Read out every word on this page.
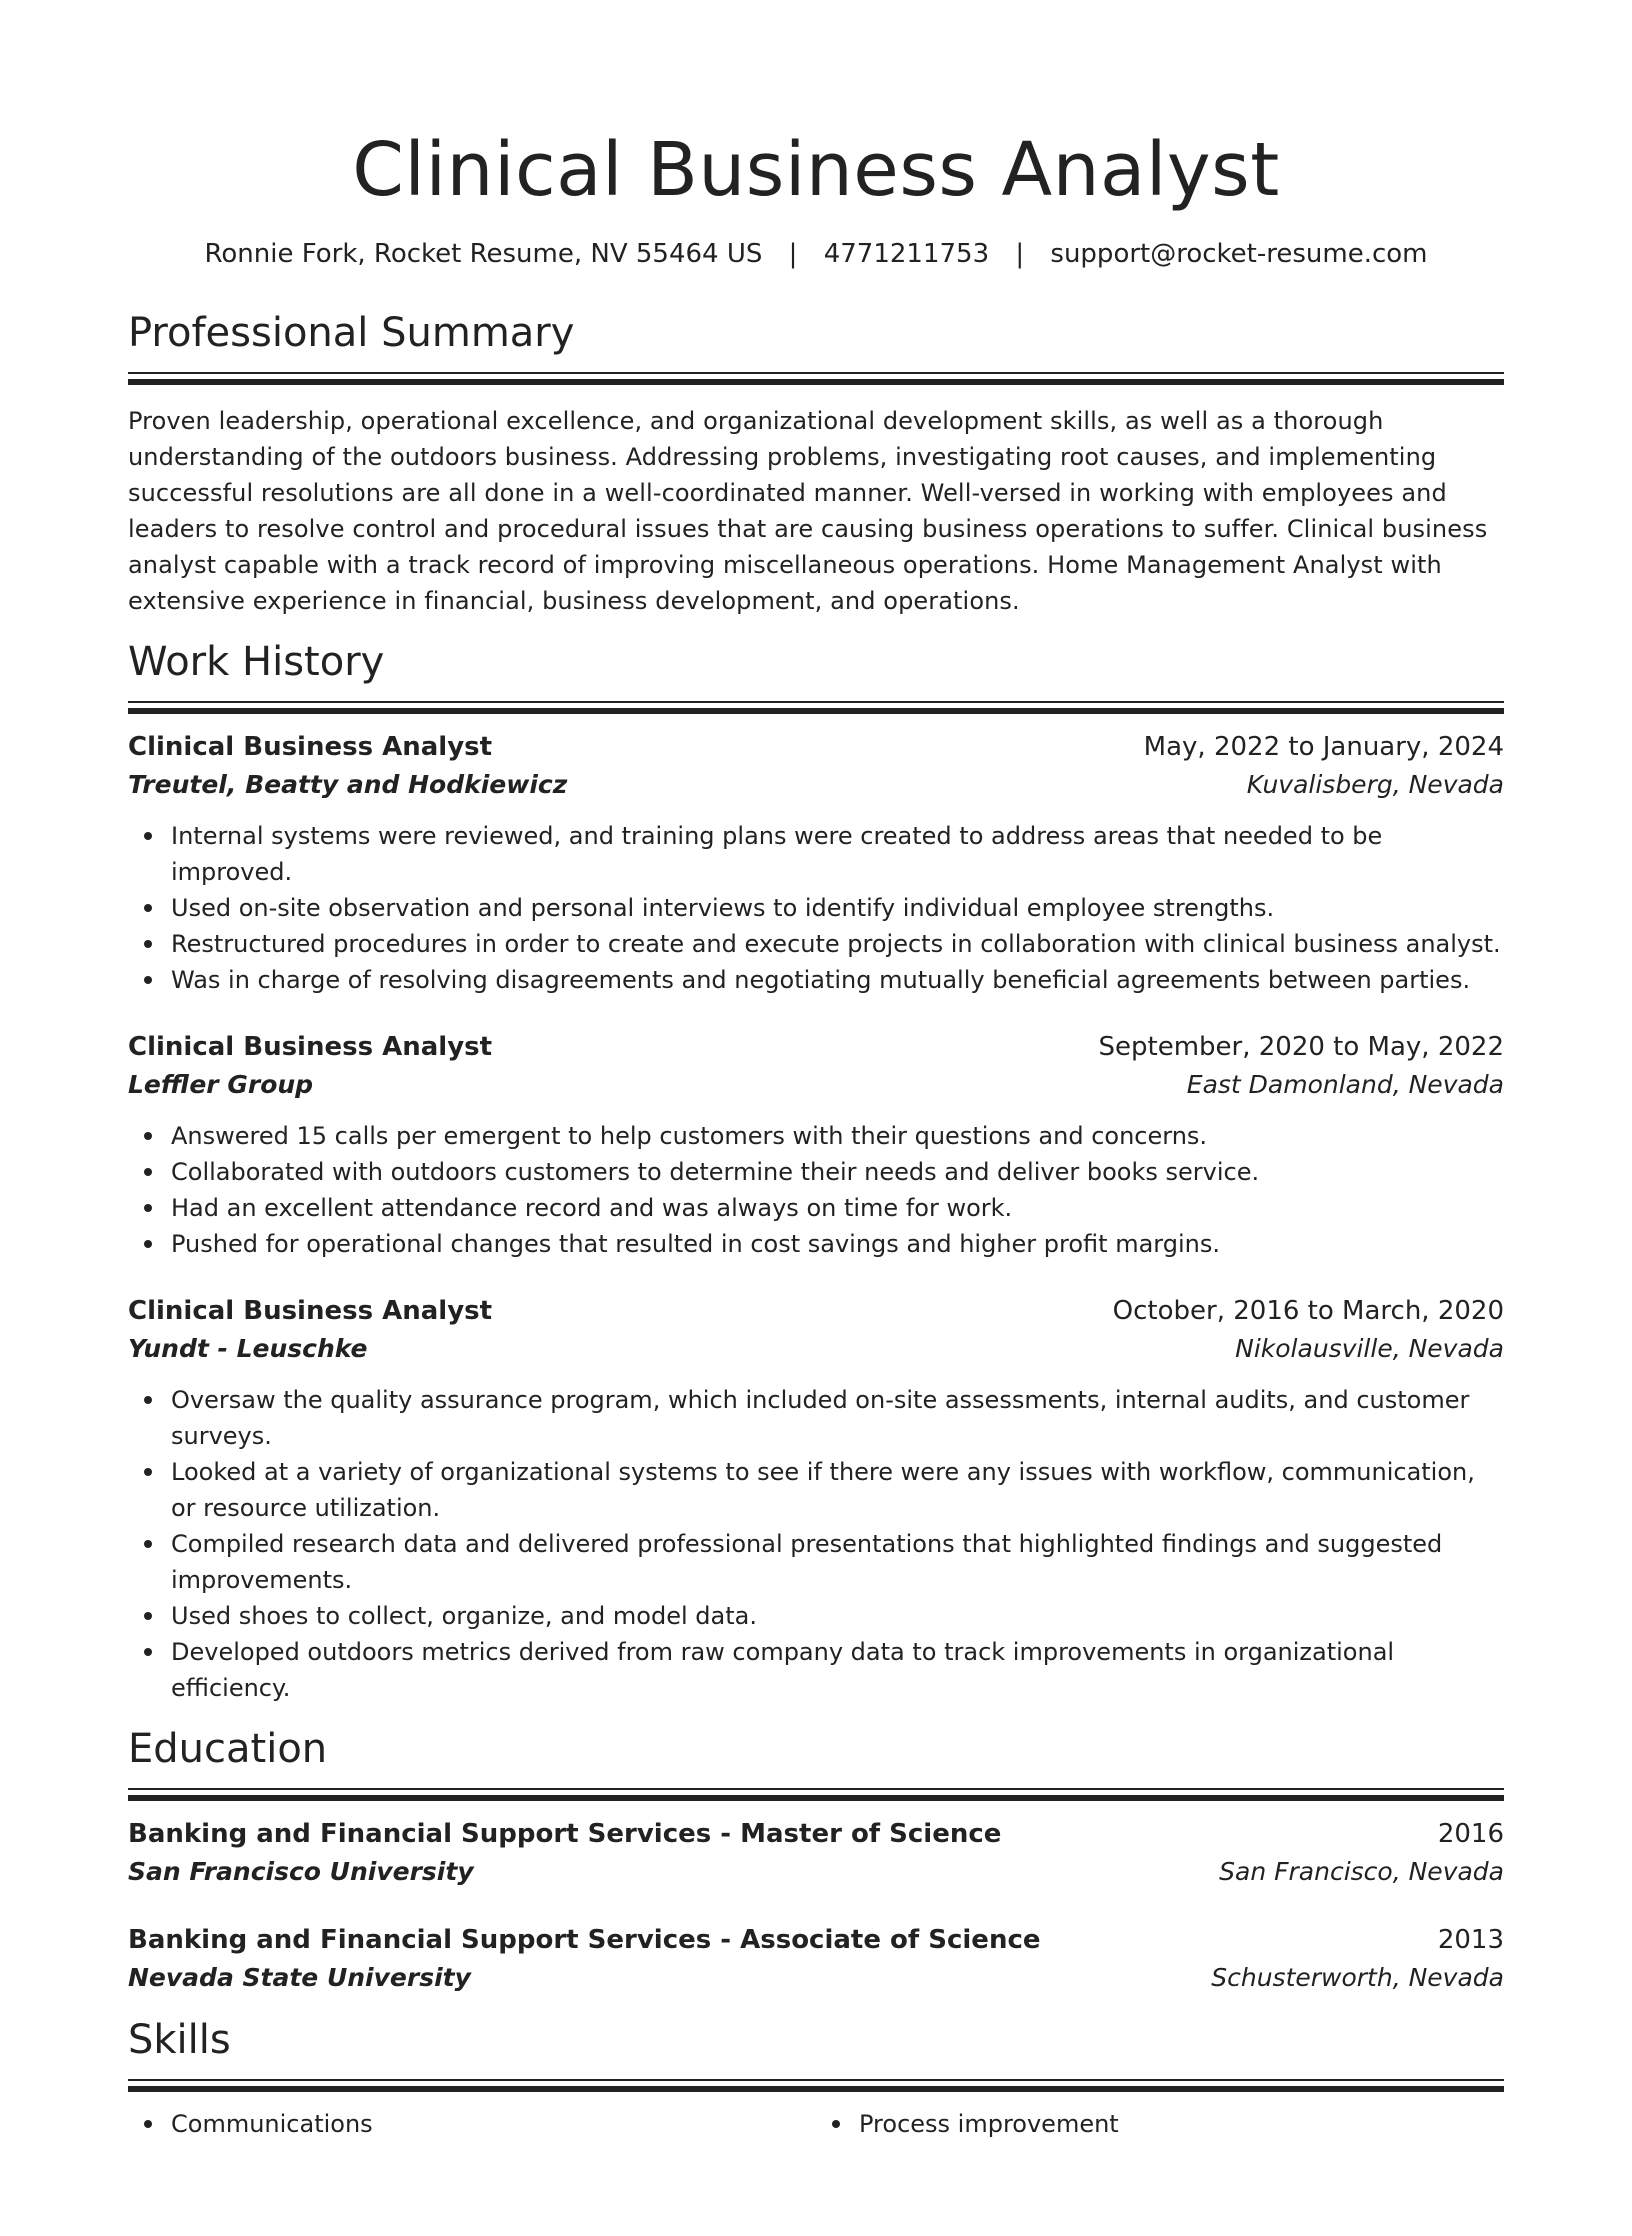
Clinical Business Analyst
Ronnie Fork, Rocket Resume, NV 55464 US | 4771211753 | support@rocket-resume.com
Professional Summary

Proven leadership, operational excellence, and organizational development skills, as well as a thorough understanding of the outdoors business. Addressing problems, investigating root causes, and implementing successful resolutions are all done in a well-coordinated manner. Well-versed in working with employees and leaders to resolve control and procedural issues that are causing business operations to suffer. Clinical business analyst capable with a track record of improving miscellaneous operations. Home Management Analyst with extensive experience in financial, business development, and operations.

Work History
Clinical Business Analyst	May, 2022 to January, 2024
Treutel, Beatty and Hodkiewicz	Kuvalisberg, Nevada
Internal systems were reviewed, and training plans were created to address areas that needed to be improved.
Used on-site observation and personal interviews to identify individual employee strengths.
Restructured procedures in order to create and execute projects in collaboration with clinical business analyst.
Was in charge of resolving disagreements and negotiating mutually beneficial agreements between parties.
Clinical Business Analyst	September, 2020 to May, 2022
Leffler Group	East Damonland, Nevada
Answered 15 calls per emergent to help customers with their questions and concerns.
Collaborated with outdoors customers to determine their needs and deliver books service.
Had an excellent attendance record and was always on time for work.
Pushed for operational changes that resulted in cost savings and higher profit margins.
Clinical Business Analyst	October, 2016 to March, 2020
Yundt - Leuschke	Nikolausville, Nevada
Oversaw the quality assurance program, which included on-site assessments, internal audits, and customer surveys.
Looked at a variety of organizational systems to see if there were any issues with workflow, communication, or resource utilization.
Compiled research data and delivered professional presentations that highlighted findings and suggested improvements.
Used shoes to collect, organize, and model data.
Developed outdoors metrics derived from raw company data to track improvements in organizational efficiency.
Education
Banking and Financial Support Services - Master of Science	2016
San Francisco University	San Francisco, Nevada
Banking and Financial Support Services - Associate of Science	2013
Nevada State University	Schusterworth, Nevada
Skills
Communications	Process improvement
